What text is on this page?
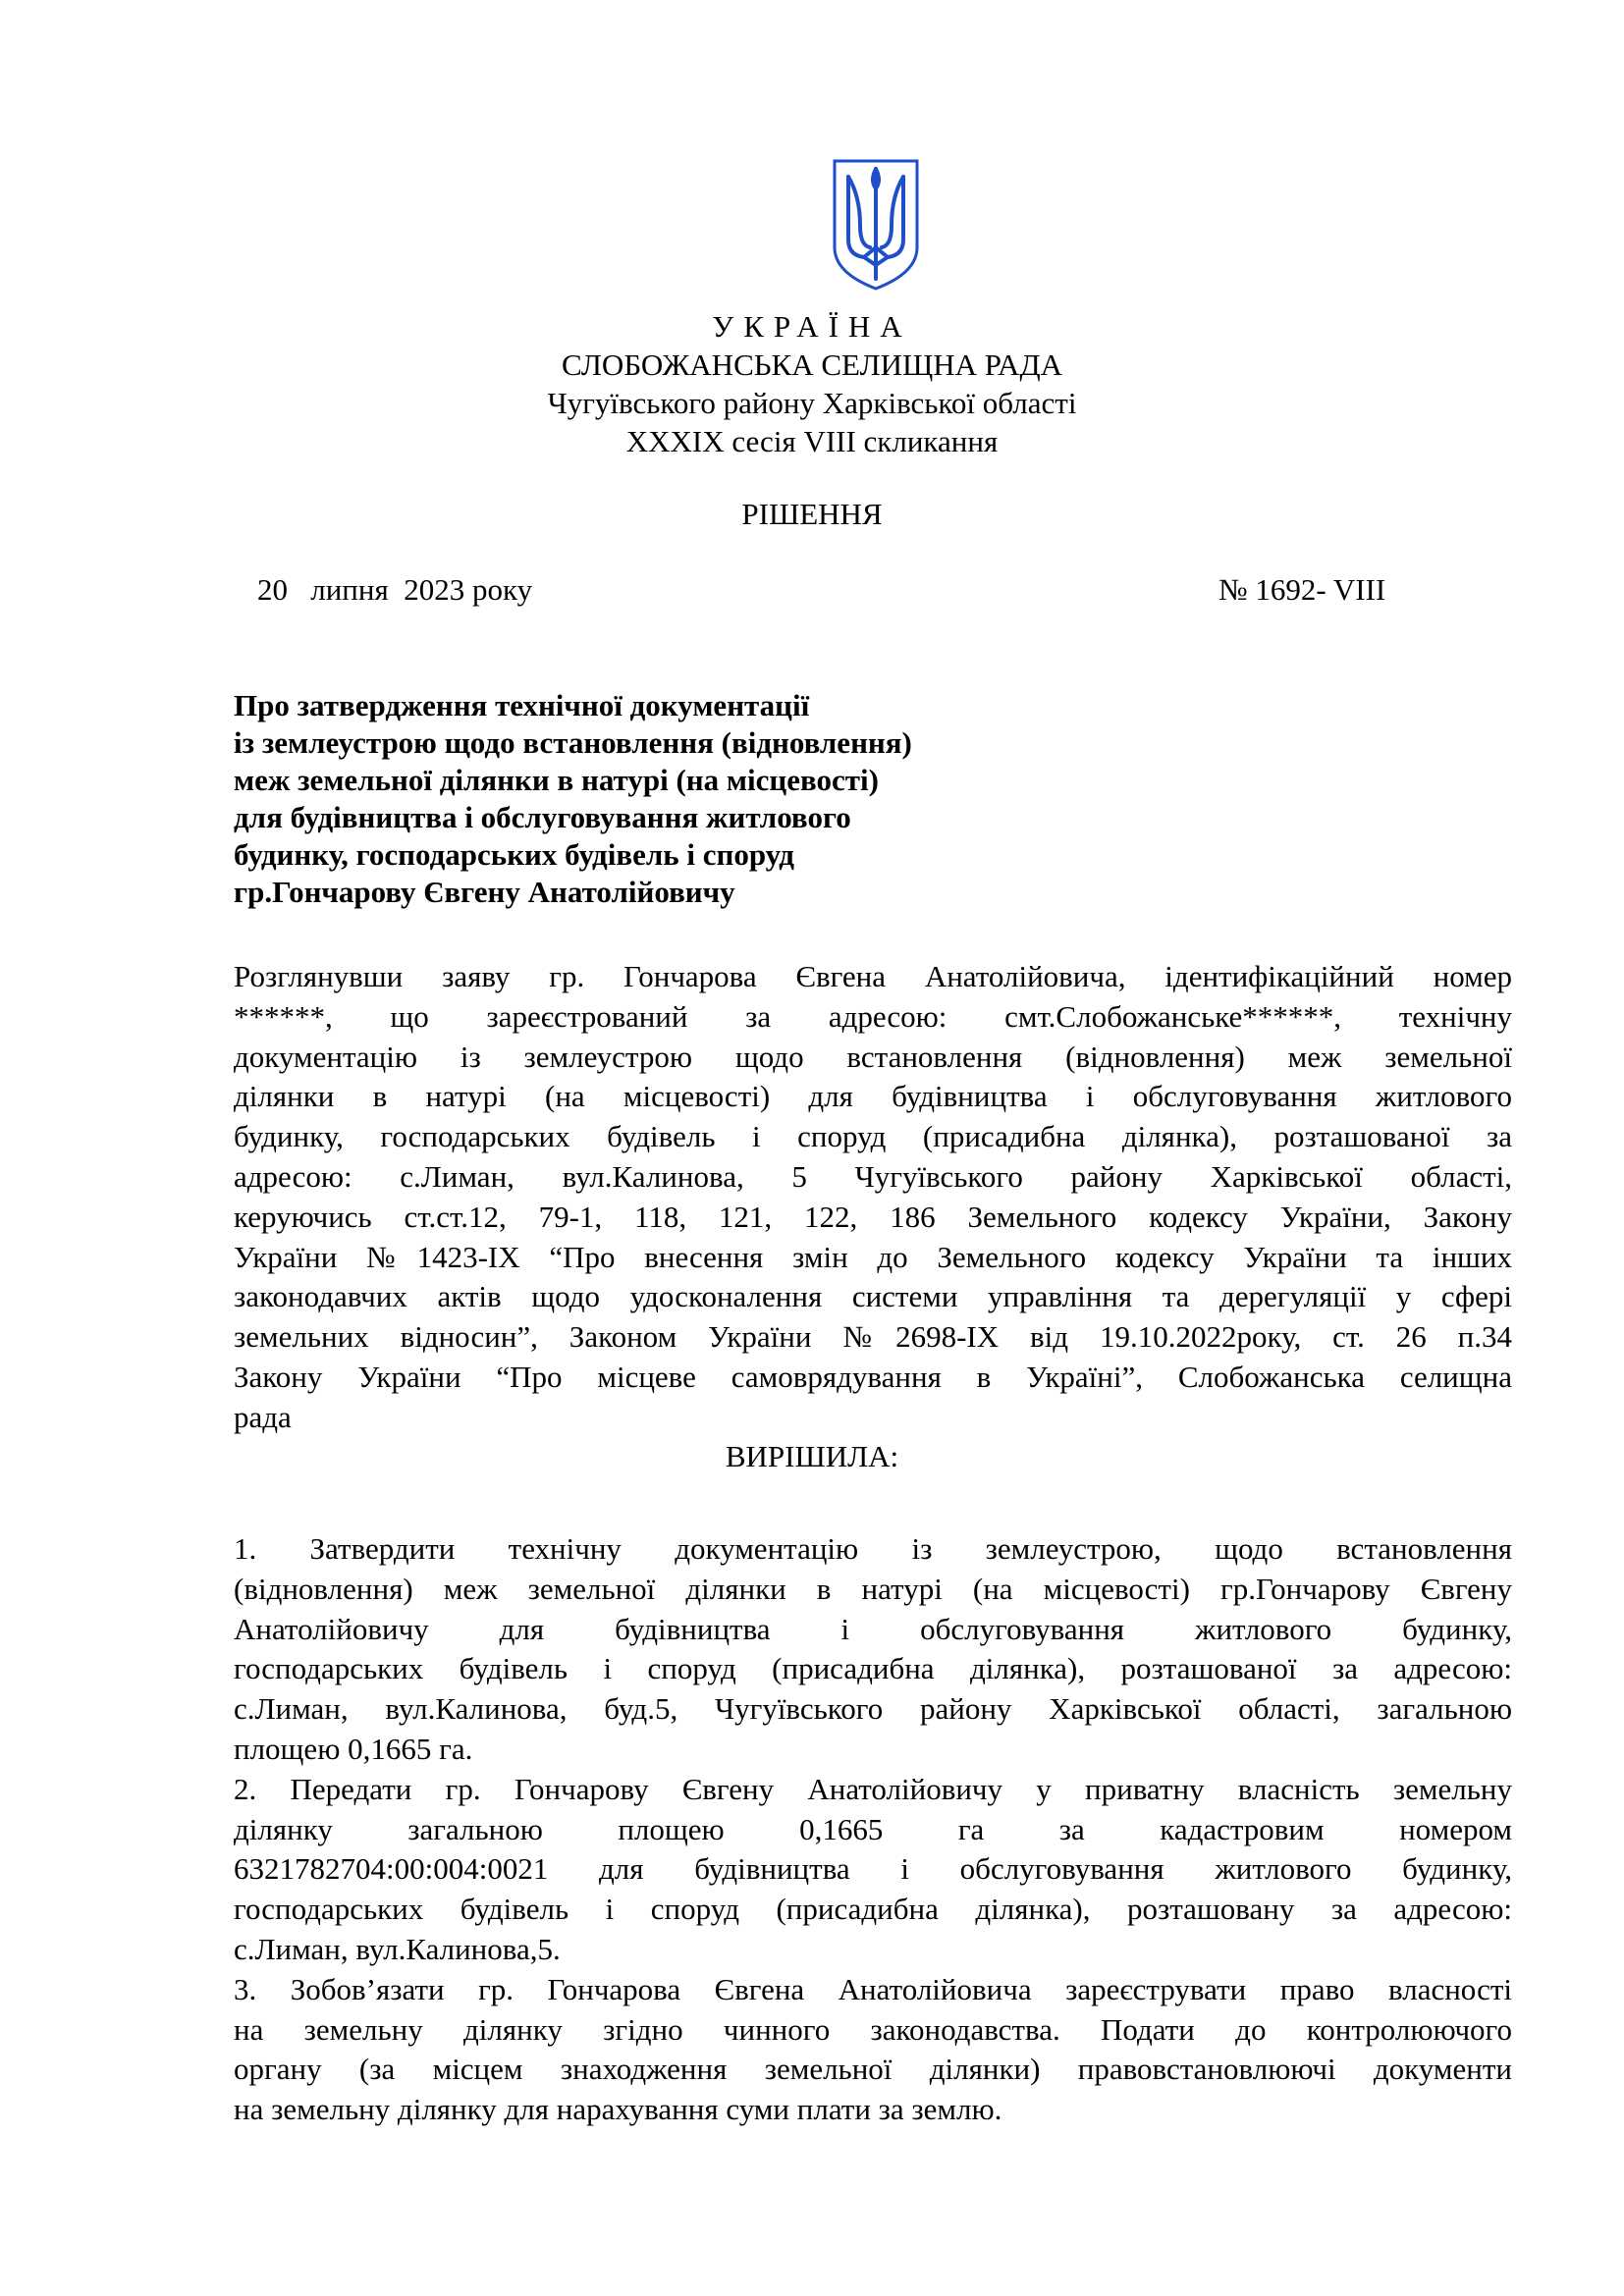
УКРАЇНА
СЛОБОЖАНСЬКА СЕЛИЩНА РАДА
Чугуївського району Харківської області
XXXIX сесія VIII скликання
РІШЕННЯ
20   липня  2023 року	№ 1692- VIII
Про затвердження технічної документації
із землеустрою щодо встановлення (відновлення)
меж земельної ділянки в натурі (на місцевості)
для будівництва і обслуговування житлового
будинку, господарських будівель і споруд
гр.Гончарову Євгену Анатолійовичу
Розглянувши заяву гр. Гончарова Євгена Анатолійовича, ідентифікаційний номер
******, що зареєстрований за адресою: смт.Слобожанське******, технічну
документацію із землеустрою щодо встановлення (відновлення) меж земельної
ділянки в натурі (на місцевості) для будівництва і обслуговування житлового
будинку, господарських будівель і споруд (присадибна ділянка), розташованої за
адресою: с.Лиман, вул.Калинова, 5 Чугуївського району Харківської області,
керуючись ст.ст.12, 79-1, 118, 121, 122, 186 Земельного кодексу України, Закону
України №1423-IX “Про внесення змін до Земельного кодексу України та інших
законодавчих актів щодо удосконалення системи управління та дерегуляції у сфері
земельних відносин”, Законом України №2698-IX від 19.10.2022року, ст. 26 п.34
Закону України “Про місцеве самоврядування в Україні”, Слобожанська селищна
рада
ВИРІШИЛА:
1. Затвердити технічну документацію із землеустрою, щодо встановлення
(відновлення) меж земельної ділянки в натурі (на місцевості) гр.Гончарову Євгену
Анатолійовичу для будівництва і обслуговування житлового будинку,
господарських будівель і споруд (присадибна ділянка), розташованої за адресою:
с.Лиман, вул.Калинова, буд.5, Чугуївського району Харківської області, загальною
площею 0,1665 га.
2. Передати гр. Гончарову Євгену Анатолійовичу у приватну власність земельну
ділянку загальною площею 0,1665 га за кадастровим номером
6321782704:00:004:0021 для будівництва і обслуговування житлового будинку,
господарських будівель і споруд (присадибна ділянка), розташовану за адресою:
с.Лиман, вул.Калинова,5.
3. Зобов’язати гр. Гончарова Євгена Анатолійовича зареєструвати право власності
на земельну ділянку згідно чинного законодавства. Подати до контролюючого
органу (за місцем знаходження земельної ділянки) правовстановлюючі документи
на земельну ділянку для нарахування суми плати за землю.
